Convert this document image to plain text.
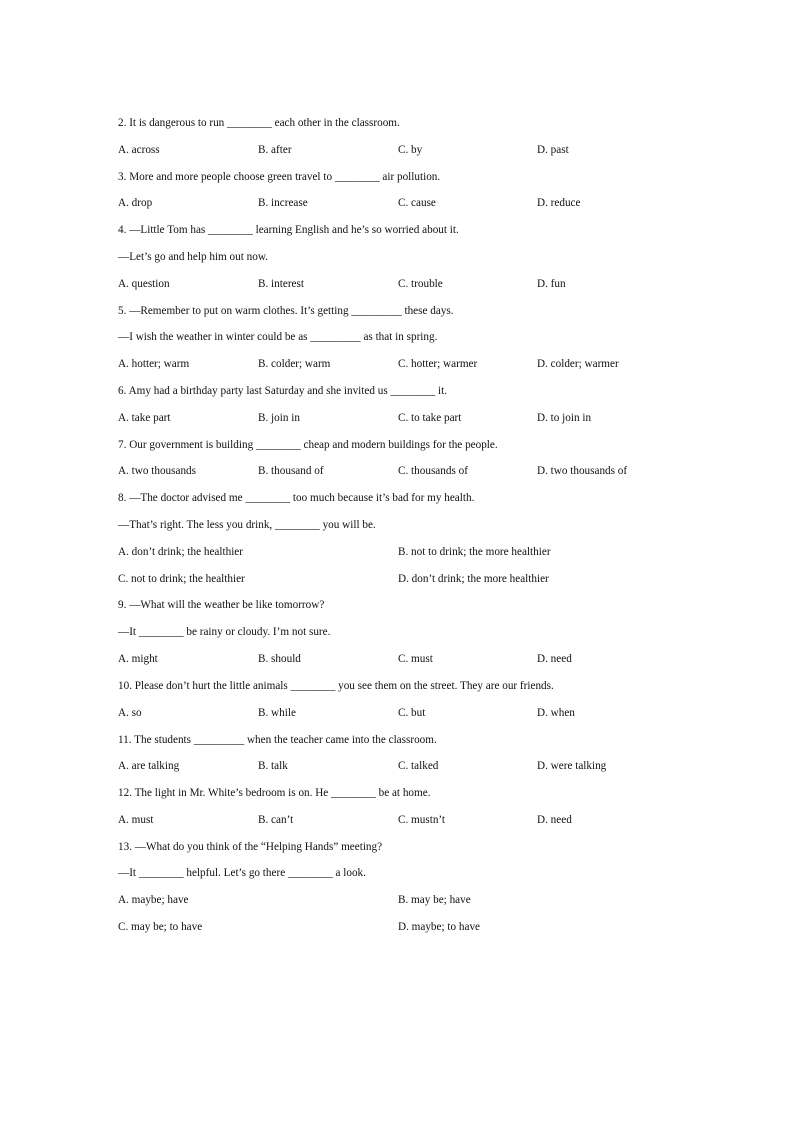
2. It is dangerous to run ________ each other in the classroom.
A. across	B. after	C. by	D. past
3. More and more people choose green travel to ________ air pollution.
A. drop	B. increase	C. cause	D. reduce
4. —Little Tom has ________ learning English and he’s so worried about it.
—Let’s go and help him out now.
A. question	B. interest	C. trouble	D. fun
5. —Remember to put on warm clothes. It’s getting _________ these days.
—I wish the weather in winter could be as _________ as that in spring.
A. hotter; warm	B. colder; warm	C. hotter; warmer	D. colder; warmer
6. Amy had a birthday party last Saturday and she invited us ________ it.
A. take part	B. join in	C. to take part	D. to join in
7. Our government is building ________ cheap and modern buildings for the people.
A. two thousands	B. thousand of	C. thousands of	D. two thousands of
8. —The doctor advised me ________ too much because it’s bad for my health.
—That’s right. The less you drink, ________ you will be.
A. don’t drink; the healthier	B. not to drink; the more healthier
C. not to drink; the healthier	D. don’t drink; the more healthier
9. —What will the weather be like tomorrow?
—It ________ be rainy or cloudy. I’m not sure.
A. might	B. should	C. must	D. need
10. Please don’t hurt the little animals ________ you see them on the street. They are our friends.
A. so	B. while	C. but	D. when
11. The students _________ when the teacher came into the classroom.
A. are talking	B. talk	C. talked	D. were talking
12. The light in Mr. White’s bedroom is on. He ________ be at home.
A. must	B. can’t	C. mustn’t	D. need
13. —What do you think of the “Helping Hands” meeting?
—It ________ helpful. Let’s go there ________ a look.
A. maybe; have	B. may be; have
C. may be; to have	D. maybe; to have
